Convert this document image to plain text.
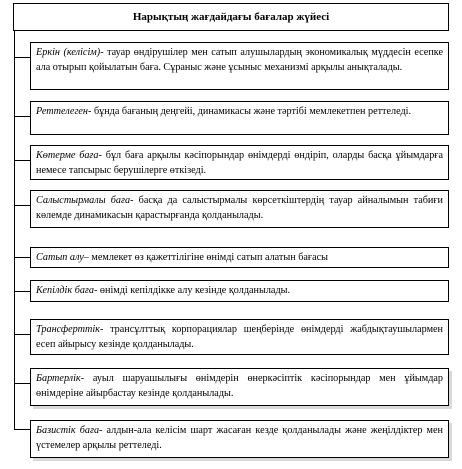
Нарықтың жағдайдағы бағалар жүйесі
Еркін (келісім)- тауар өндірушілер мен сатып алушылардың экономикалық мүддесін есепке ала отырып қойылатын баға. Сұраныс және ұсыныс механизмі арқылы анықталады.
Реттелеген- бұнда бағаның деңгейі, динамикасы және тәртібі мемлекетпен реттеледі.
Көтерме баға- бұл баға арқылы кәсіпорындар өнімдерді өндіріп, оларды басқа ұйымдарға немесе тапсырыс берушілерге өткізеді.
Салыстырмалы баға- басқа да салыстырмалы көрсеткіштердің тауар айналымын табиғи көлемде динамикасын қарастырғанда қолданылады.
Сатып алу– мемлекет өз қажеттілігіне өнімді сатып алатын бағасы
Кепілдік баға- өнімді кепілдікке алу кезінде қолданылады.
Трансферттік- трансұлттық корпорациялар шеңберінде өнімдерді жабдықтаушылармен есеп айырысу кезінде қолданылады.
Бартерлік- ауыл шаруашылығы өнімдерін өнеркәсіптік кәсіпорындар мен ұйымдар өнімдеріне айырбастау кезінде қолданылады.
Базистік баға- алдын-ала келісім шарт жасаған кезде қолданылады және жеңілдіктер мен үстемелер арқылы реттеледі.
